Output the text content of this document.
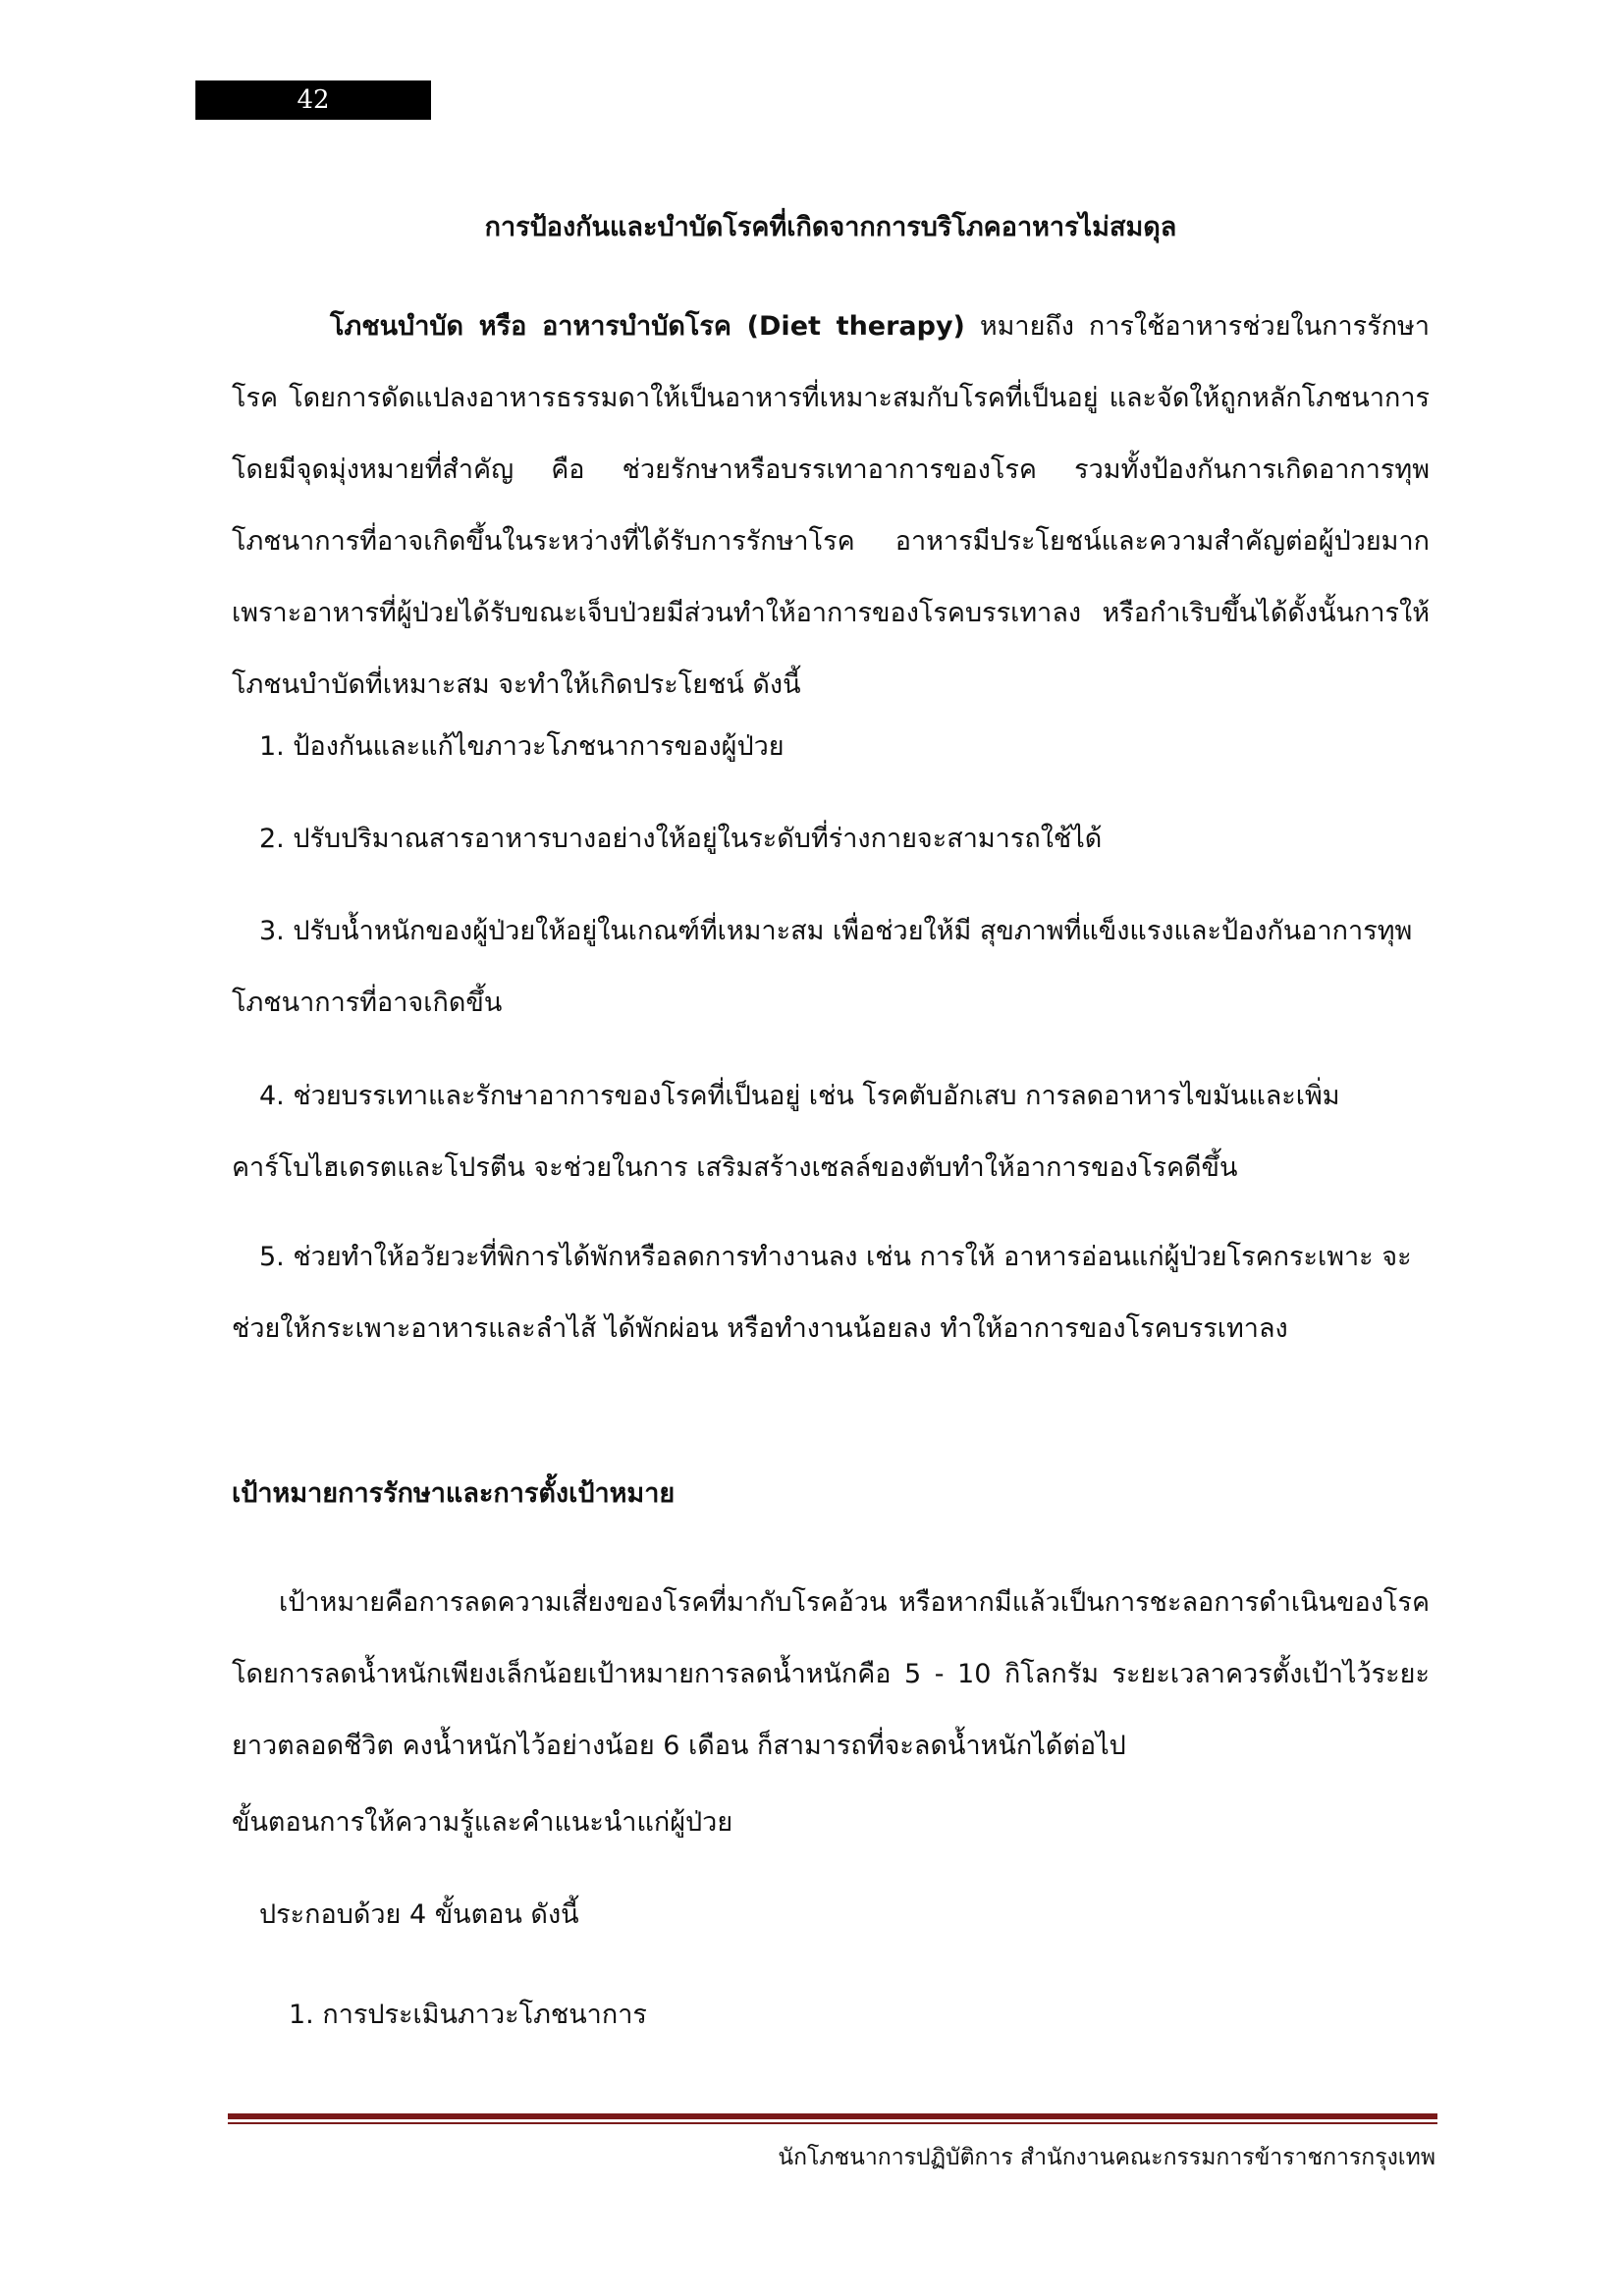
42
การป้องกันและบำบัดโรคที่เกิดจากการบริโภคอาหารไม่สมดุล
โภชนบำบัด หรือ อาหารบำบัดโรค (Diet therapy) หมายถึง การใช้อาหารช่วยในการรักษาโรค โดยการดัดแปลงอาหารธรรมดาให้เป็นอาหารที่เหมาะสมกับโรคที่เป็นอยู่ และจัดให้ถูกหลักโภชนาการ โดยมีจุดมุ่งหมายที่สำคัญ คือ ช่วยรักษาหรือบรรเทาอาการของโรค รวมทั้งป้องกันการเกิดอาการทุพโภชนาการที่อาจเกิดขึ้นในระหว่างที่ได้รับการรักษาโรค อาหารมีประโยชน์และความสำคัญต่อผู้ป่วยมาก เพราะอาหารที่ผู้ป่วยได้รับขณะเจ็บป่วยมีส่วนทำให้อาการของโรคบรรเทาลง หรือกำเริบขึ้นได้ดั้งนั้นการให้โภชนบำบัดที่เหมาะสม จะทำให้เกิดประโยชน์ ดังนี้
1. ป้องกันและแก้ไขภาวะโภชนาการของผู้ป่วย
2. ปรับปริมาณสารอาหารบางอย่างให้อยู่ในระดับที่ร่างกายจะสามารถใช้ได้
3. ปรับน้ำหนักของผู้ป่วยให้อยู่ในเกณฑ์ที่เหมาะสม เพื่อช่วยให้มี สุขภาพที่แข็งแรงและป้องกันอาการทุพโภชนาการที่อาจเกิดขึ้น
4. ช่วยบรรเทาและรักษาอาการของโรคที่เป็นอยู่ เช่น โรคตับอักเสบ การลดอาหารไขมันและเพิ่มคาร์โบไฮเดรตและโปรตีน จะช่วยในการ เสริมสร้างเซลล์ของตับทำให้อาการของโรคดีขึ้น
5. ช่วยทำให้อวัยวะที่พิการได้พักหรือลดการทำงานลง เช่น การให้ อาหารอ่อนแก่ผู้ป่วยโรคกระเพาะ จะช่วยให้กระเพาะอาหารและลำไส้ ได้พักผ่อน หรือทำงานน้อยลง ทำให้อาการของโรคบรรเทาลง
เป้าหมายการรักษาและการตั้งเป้าหมาย
เป้าหมายคือการลดความเสี่ยงของโรคที่มากับโรคอ้วน หรือหากมีแล้วเป็นการชะลอการดำเนินของโรค โดยการลดน้ำหนักเพียงเล็กน้อยเป้าหมายการลดน้ำหนักคือ 5 - 10 กิโลกรัม ระยะเวลาควรตั้งเป้าไว้ระยะยาวตลอดชีวิต คงน้ำหนักไว้อย่างน้อย 6 เดือน ก็สามารถที่จะลดน้ำหนักได้ต่อไป
ขั้นตอนการให้ความรู้และคำแนะนำแก่ผู้ป่วย
ประกอบด้วย 4 ขั้นตอน ดังนี้
1. การประเมินภาวะโภชนาการ
นักโภชนาการปฏิบัติการ สำนักงานคณะกรรมการข้าราชการกรุงเทพ
